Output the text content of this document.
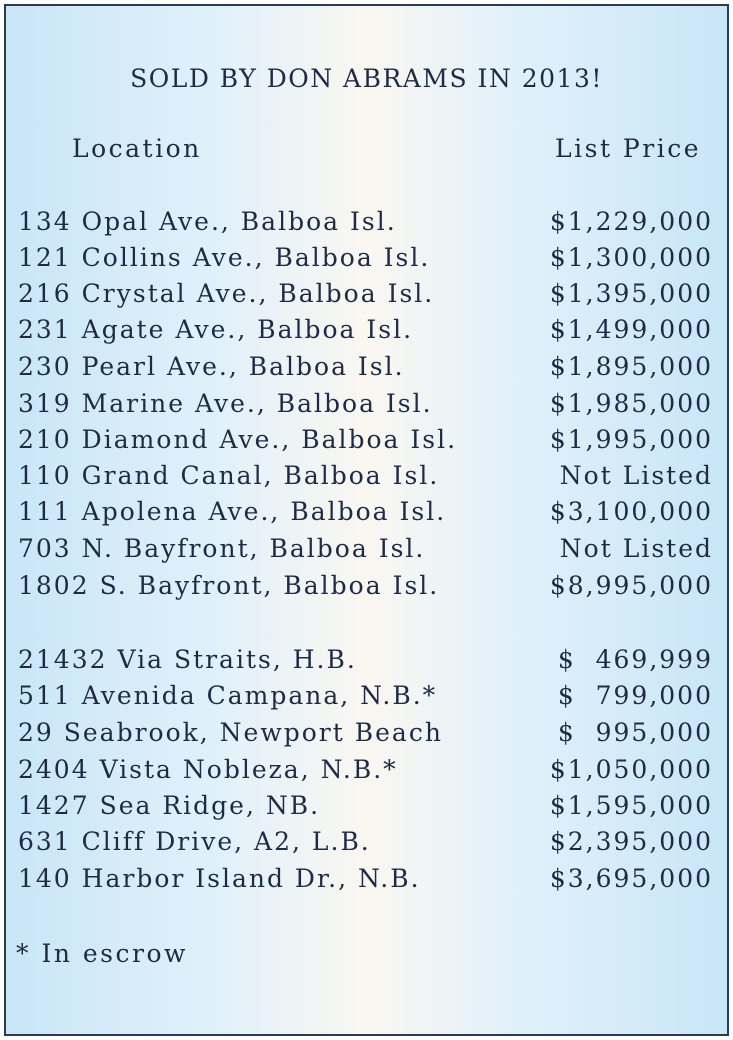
SOLD BY DON ABRAMS IN 2013!
Location	List Price
134 Opal Ave., Balboa Isl.	$1,229,000
121 Collins Ave., Balboa Isl.	$1,300,000
216 Crystal Ave., Balboa Isl.	$1,395,000
231 Agate Ave., Balboa Isl.	$1,499,000
230 Pearl Ave., Balboa Isl.	$1,895,000
319 Marine Ave., Balboa Isl.	$1,985,000
210 Diamond Ave., Balboa Isl.	$1,995,000
110 Grand Canal, Balboa Isl.	Not Listed
111 Apolena Ave., Balboa Isl.	$3,100,000
703 N. Bayfront, Balboa Isl.	Not Listed
1802 S. Bayfront, Balboa Isl.	$8,995,000
21432 Via Straits, H.B.	$  469,999
511 Avenida Campana, N.B.*	$  799,000
29 Seabrook, Newport Beach	$  995,000
2404 Vista Nobleza, N.B.*	$1,050,000
1427 Sea Ridge, NB.	$1,595,000
631 Cliff Drive, A2, L.B.	$2,395,000
140 Harbor Island Dr., N.B.	$3,695,000
* In escrow
